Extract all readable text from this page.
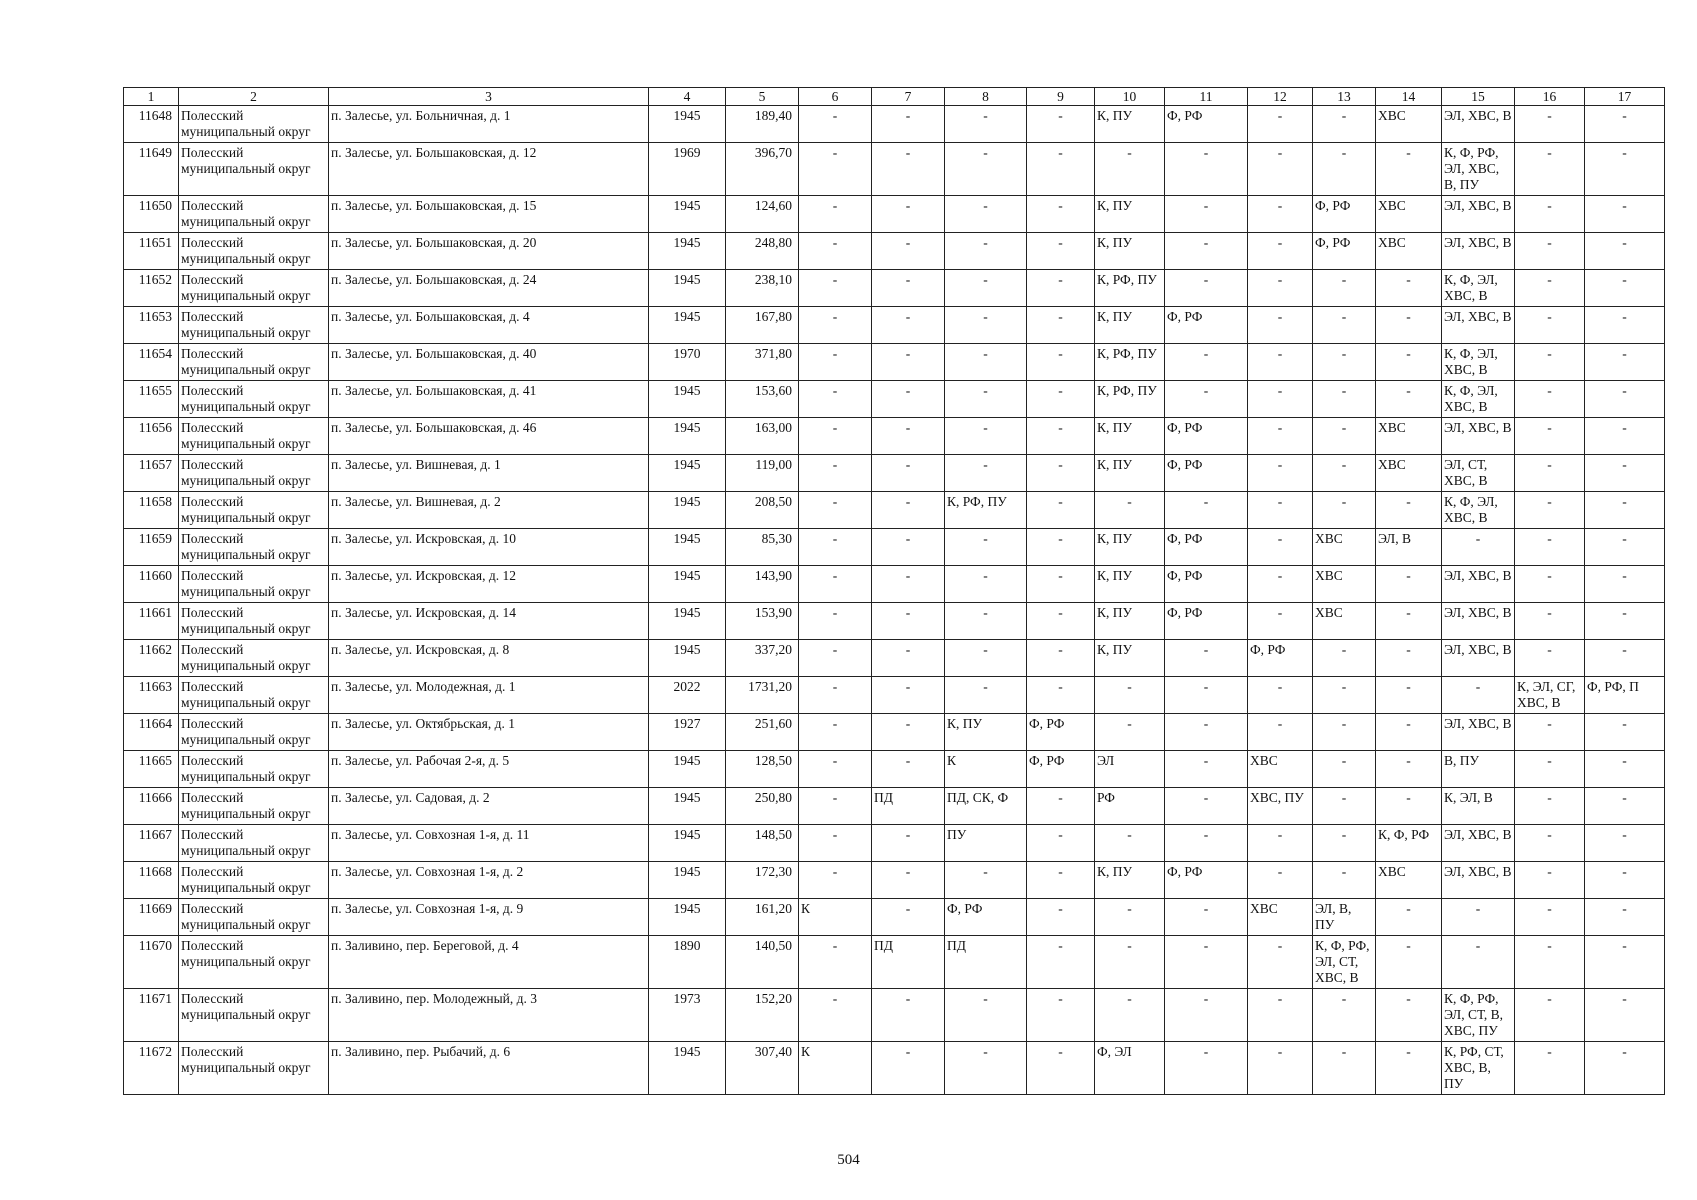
1	2	3	4	5	6	7	8	9	10	11	12	13	14	15	16	17
11648	Полесский муниципальный округ	п. Залесье, ул. Больничная, д. 1	1945	189,40	-	-	-	-	К, ПУ	Ф, РФ	-	-	ХВС	ЭЛ, ХВС, В	-	-
11649	Полесский муниципальный округ	п. Залесье, ул. Большаковская, д. 12	1969	396,70	-	-	-	-	-	-	-	-	-	К, Ф, РФ, ЭЛ, ХВС, В, ПУ	-	-
11650	Полесский муниципальный округ	п. Залесье, ул. Большаковская, д. 15	1945	124,60	-	-	-	-	К, ПУ	-	-	Ф, РФ	ХВС	ЭЛ, ХВС, В	-	-
11651	Полесский муниципальный округ	п. Залесье, ул. Большаковская, д. 20	1945	248,80	-	-	-	-	К, ПУ	-	-	Ф, РФ	ХВС	ЭЛ, ХВС, В	-	-
11652	Полесский муниципальный округ	п. Залесье, ул. Большаковская, д. 24	1945	238,10	-	-	-	-	К, РФ, ПУ	-	-	-	-	К, Ф, ЭЛ, ХВС, В	-	-
11653	Полесский муниципальный округ	п. Залесье, ул. Большаковская, д. 4	1945	167,80	-	-	-	-	К, ПУ	Ф, РФ	-	-	-	ЭЛ, ХВС, В	-	-
11654	Полесский муниципальный округ	п. Залесье, ул. Большаковская, д. 40	1970	371,80	-	-	-	-	К, РФ, ПУ	-	-	-	-	К, Ф, ЭЛ, ХВС, В	-	-
11655	Полесский муниципальный округ	п. Залесье, ул. Большаковская, д. 41	1945	153,60	-	-	-	-	К, РФ, ПУ	-	-	-	-	К, Ф, ЭЛ, ХВС, В	-	-
11656	Полесский муниципальный округ	п. Залесье, ул. Большаковская, д. 46	1945	163,00	-	-	-	-	К, ПУ	Ф, РФ	-	-	ХВС	ЭЛ, ХВС, В	-	-
11657	Полесский муниципальный округ	п. Залесье, ул. Вишневая, д. 1	1945	119,00	-	-	-	-	К, ПУ	Ф, РФ	-	-	ХВС	ЭЛ, СТ, ХВС, В	-	-
11658	Полесский муниципальный округ	п. Залесье, ул. Вишневая, д. 2	1945	208,50	-	-	К, РФ, ПУ	-	-	-	-	-	-	К, Ф, ЭЛ, ХВС, В	-	-
11659	Полесский муниципальный округ	п. Залесье, ул. Искровская, д. 10	1945	85,30	-	-	-	-	К, ПУ	Ф, РФ	-	ХВС	ЭЛ, В	-	-	-
11660	Полесский муниципальный округ	п. Залесье, ул. Искровская, д. 12	1945	143,90	-	-	-	-	К, ПУ	Ф, РФ	-	ХВС	-	ЭЛ, ХВС, В	-	-
11661	Полесский муниципальный округ	п. Залесье, ул. Искровская, д. 14	1945	153,90	-	-	-	-	К, ПУ	Ф, РФ	-	ХВС	-	ЭЛ, ХВС, В	-	-
11662	Полесский муниципальный округ	п. Залесье, ул. Искровская, д. 8	1945	337,20	-	-	-	-	К, ПУ	-	Ф, РФ	-	-	ЭЛ, ХВС, В	-	-
11663	Полесский муниципальный округ	п. Залесье, ул. Молодежная, д. 1	2022	1731,20	-	-	-	-	-	-	-	-	-	-	К, ЭЛ, СГ, ХВС, В	Ф, РФ, П
11664	Полесский муниципальный округ	п. Залесье, ул. Октябрьская, д. 1	1927	251,60	-	-	К, ПУ	Ф, РФ	-	-	-	-	-	ЭЛ, ХВС, В	-	-
11665	Полесский муниципальный округ	п. Залесье, ул. Рабочая 2-я, д. 5	1945	128,50	-	-	К	Ф, РФ	ЭЛ	-	ХВС	-	-	В, ПУ	-	-
11666	Полесский муниципальный округ	п. Залесье, ул. Садовая, д. 2	1945	250,80	-	ПД	ПД, СК, Ф	-	РФ	-	ХВС, ПУ	-	-	К, ЭЛ, В	-	-
11667	Полесский муниципальный округ	п. Залесье, ул. Совхозная 1-я, д. 11	1945	148,50	-	-	ПУ	-	-	-	-	-	К, Ф, РФ	ЭЛ, ХВС, В	-	-
11668	Полесский муниципальный округ	п. Залесье, ул. Совхозная 1-я, д. 2	1945	172,30	-	-	-	-	К, ПУ	Ф, РФ	-	-	ХВС	ЭЛ, ХВС, В	-	-
11669	Полесский муниципальный округ	п. Залесье, ул. Совхозная 1-я, д. 9	1945	161,20	К	-	Ф, РФ	-	-	-	ХВС	ЭЛ, В, ПУ	-	-	-	-
11670	Полесский муниципальный округ	п. Заливино, пер. Береговой, д. 4	1890	140,50	-	ПД	ПД	-	-	-	-	К, Ф, РФ, ЭЛ, СТ, ХВС, В	-	-	-	-
11671	Полесский муниципальный округ	п. Заливино, пер. Молодежный, д. 3	1973	152,20	-	-	-	-	-	-	-	-	-	К, Ф, РФ, ЭЛ, СТ, В, ХВС, ПУ	-	-
11672	Полесский муниципальный округ	п. Заливино, пер. Рыбачий, д. 6	1945	307,40	К	-	-	-	Ф, ЭЛ	-	-	-	-	К, РФ, СТ, ХВС, В, ПУ	-	-
504
